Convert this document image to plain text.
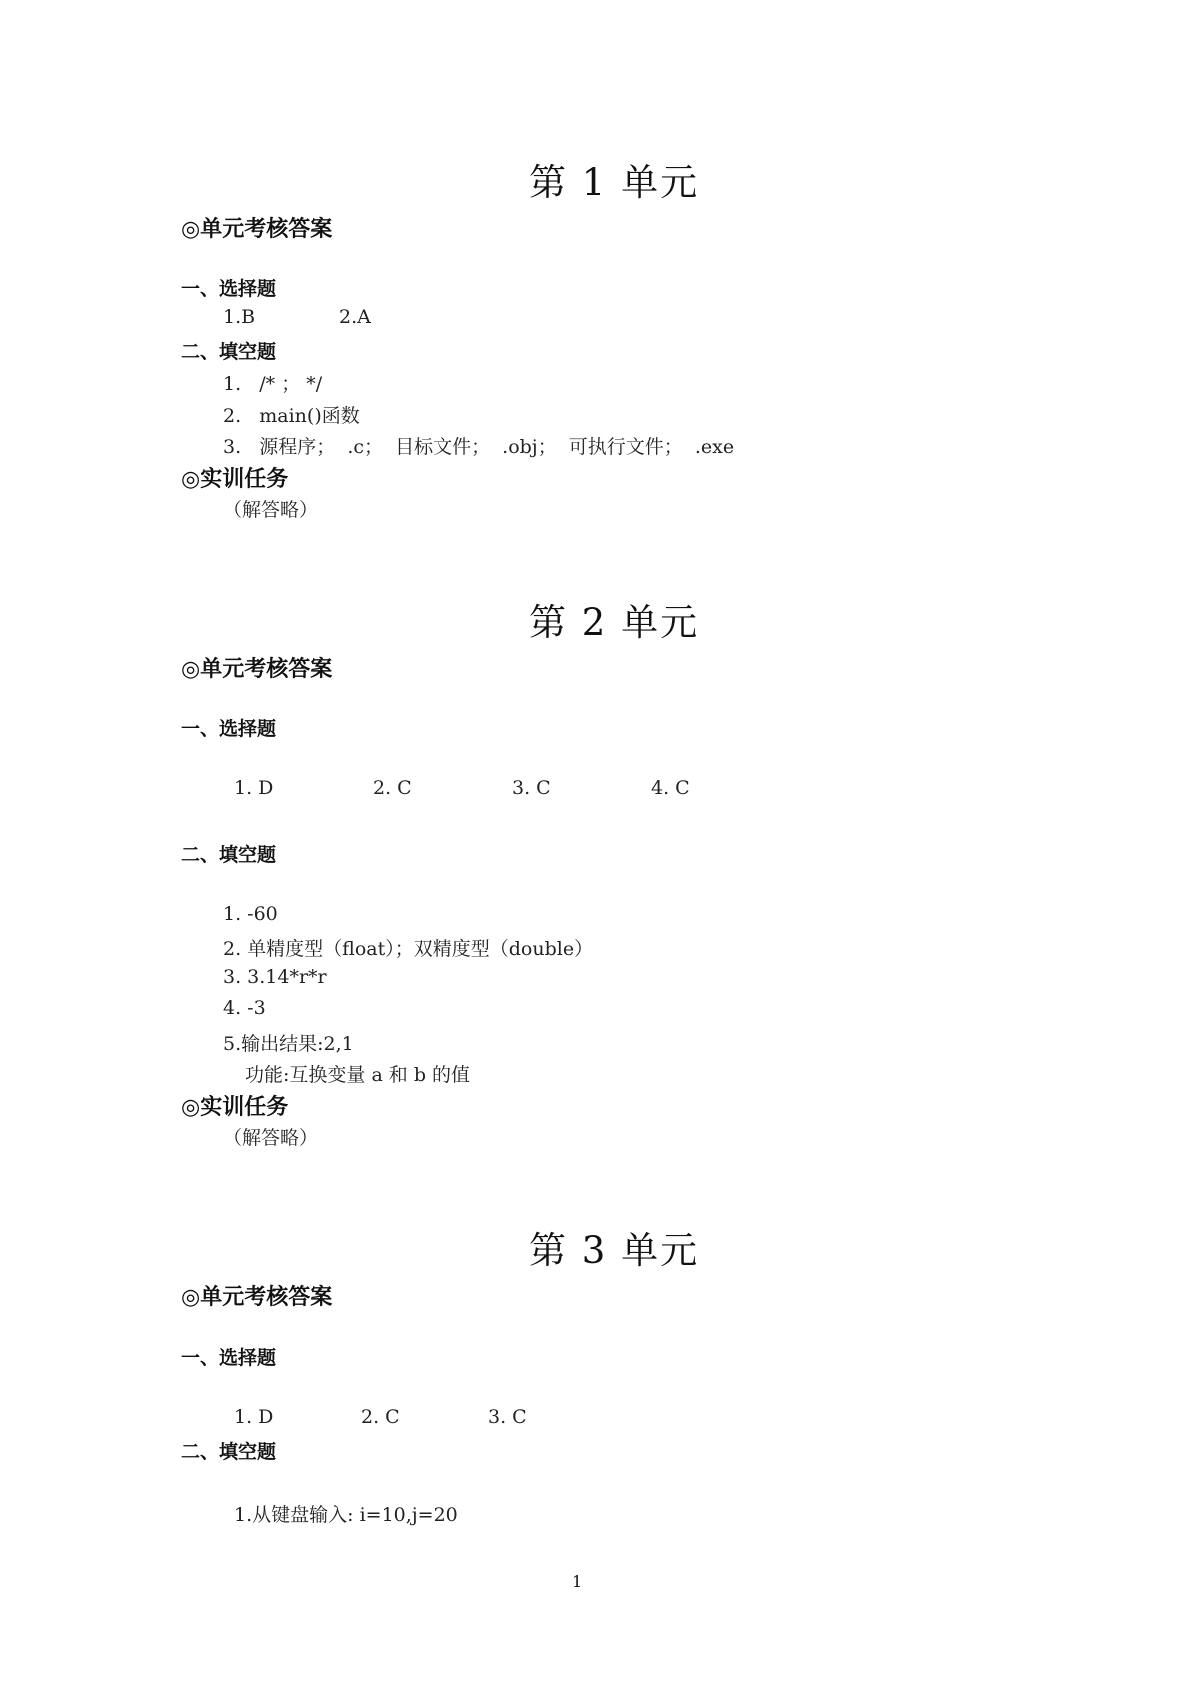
第 1 单元
◎单元考核答案
一、选择题
1.B	2.A
二、填空题
1.   /* ； */
2.   main()函数
3.   源程序；  .c；  目标文件；  .obj；  可执行文件；  .exe
◎实训任务
（解答略）
第 2 单元
◎单元考核答案
一、选择题
1. D	2. C	3. C	4. C
二、填空题
1. -60
2. 单精度型（float）；双精度型（double）
3. 3.14*r*r
4. -3
5.输出结果:2,1
功能:互换变量 a 和 b 的值
◎实训任务
（解答略）
第 3 单元
◎单元考核答案
一、选择题
1. D	2. C	3. C
二、填空题
1.从键盘输入: i=10,j=20
1
